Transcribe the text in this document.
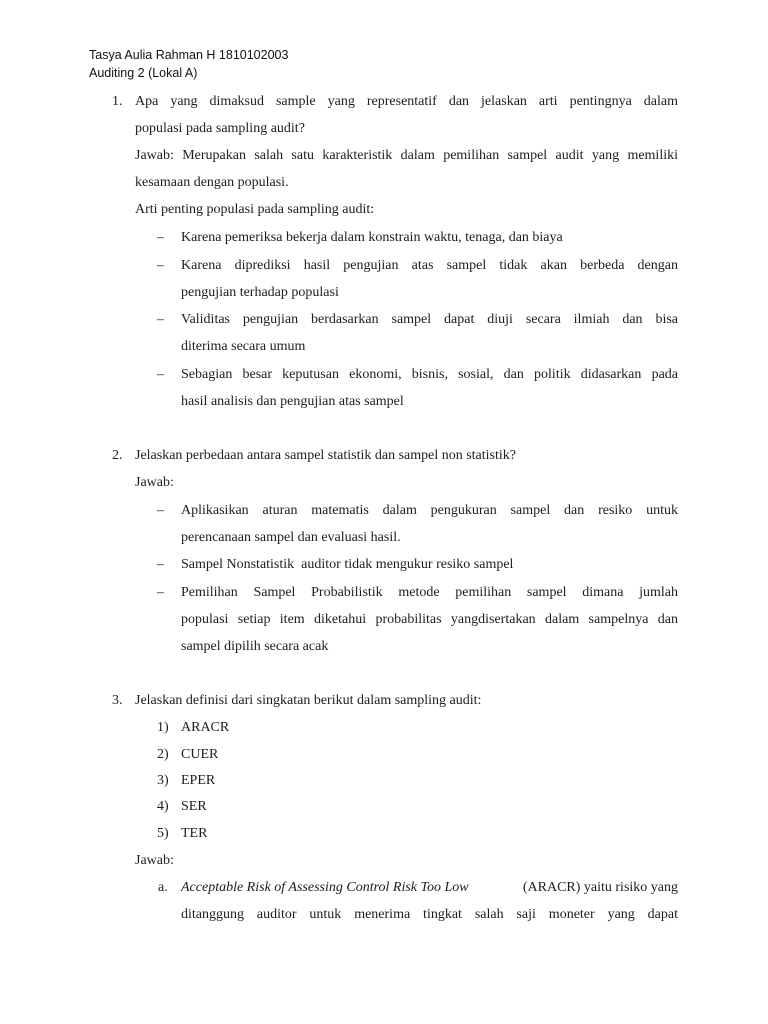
Tasya Aulia Rahman H 1810102003
Auditing 2 (Lokal A)
1. Apa yang dimaksud sample yang representatif dan jelaskan arti pentingnya dalam
populasi pada sampling audit?
Jawab: Merupakan salah satu karakteristik dalam pemilihan sampel audit yang memiliki
kesamaan dengan populasi.
Arti penting populasi pada sampling audit:
– Karena pemeriksa bekerja dalam konstrain waktu, tenaga, dan biaya
– Karena diprediksi hasil pengujian atas sampel tidak akan berbeda dengan
pengujian terhadap populasi
– Validitas pengujian berdasarkan sampel dapat diuji secara ilmiah dan bisa
diterima secara umum
– Sebagian besar keputusan ekonomi, bisnis, sosial, dan politik didasarkan pada
hasil analisis dan pengujian atas sampel
2. Jelaskan perbedaan antara sampel statistik dan sampel non statistik?
Jawab:
– Aplikasikan aturan matematis dalam pengukuran sampel dan resiko untuk
perencanaan sampel dan evaluasi hasil.
– Sampel Nonstatistik  auditor tidak mengukur resiko sampel
– Pemilihan Sampel Probabilistik metode pemilihan sampel dimana jumlah
populasi setiap item diketahui probabilitas yangdisertakan dalam sampelnya dan
sampel dipilih secara acak
3. Jelaskan definisi dari singkatan berikut dalam sampling audit:
1) ARACR
2) CUER
3) EPER
4) SER
5) TER
Jawab:
a. Acceptable Risk of Assessing Control Risk Too Low	(ARACR) yaitu risiko yang
ditanggung auditor untuk menerima tingkat salah saji moneter yang dapat
